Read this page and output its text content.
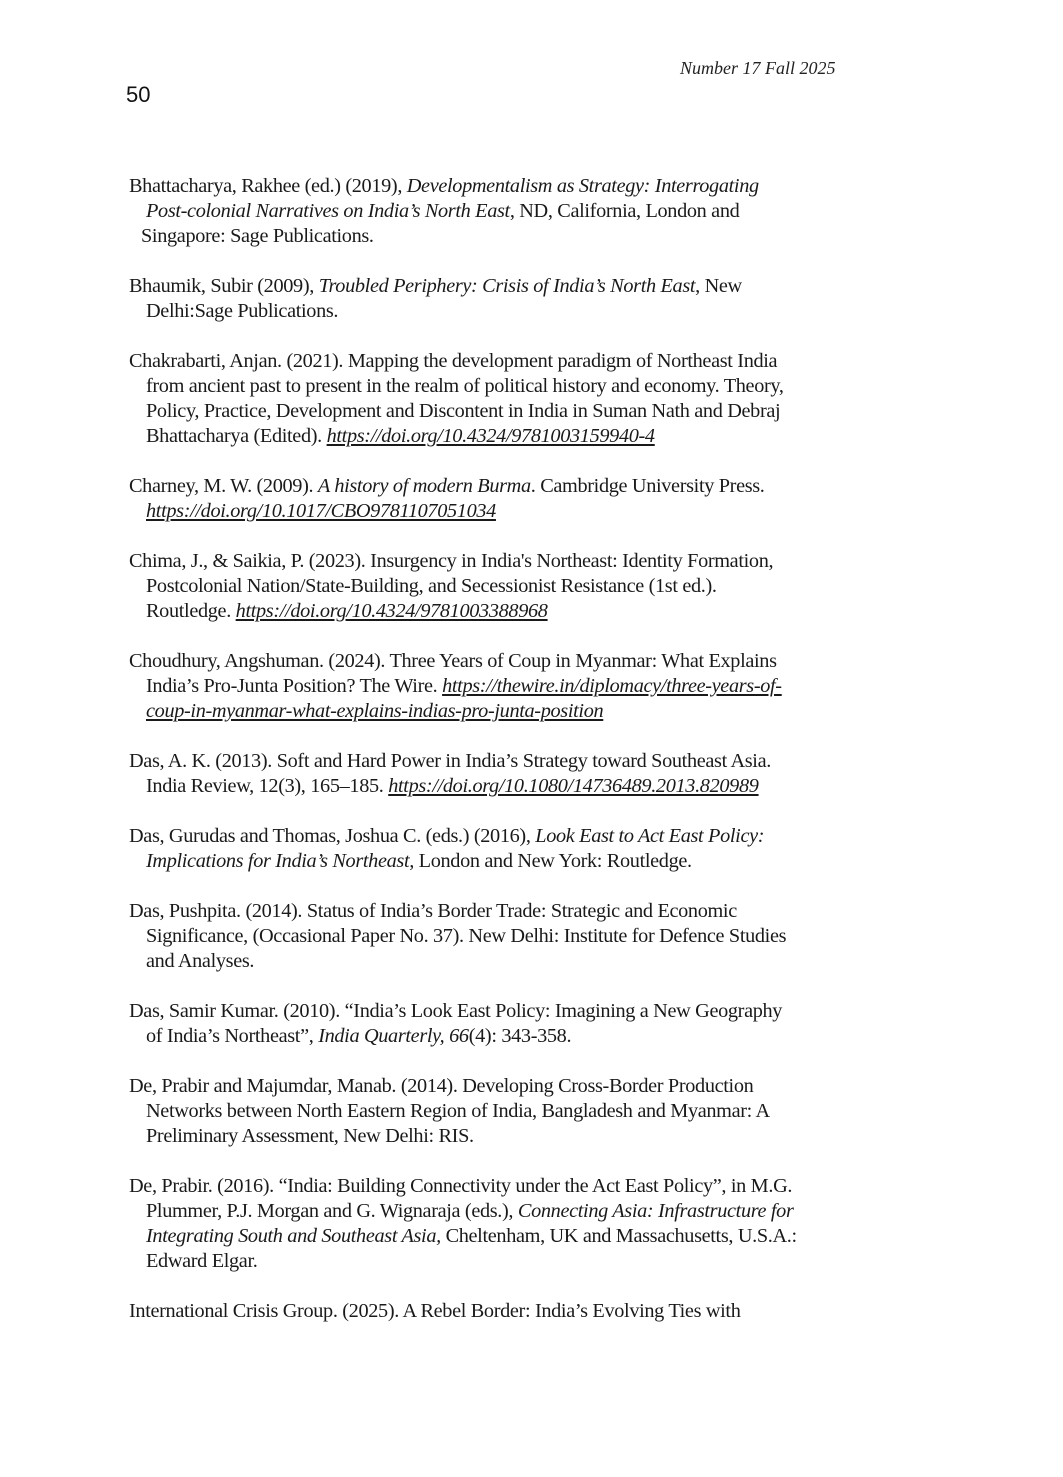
Number 17 Fall 2025
50
Bhattacharya, Rakhee (ed.) (2019), Developmentalism as Strategy: Interrogating
Post-colonial Narratives on India’s North East, ND, California, London and
Singapore: Sage Publications.
Bhaumik, Subir (2009), Troubled Periphery: Crisis of India’s North East, New
Delhi:Sage Publications.
Chakrabarti, Anjan. (2021). Mapping the development paradigm of Northeast India
from ancient past to present in the realm of political history and economy. Theory,
Policy, Practice, Development and Discontent in India in Suman Nath and Debraj
Bhattacharya (Edited). https://doi.org/10.4324/9781003159940-4
Charney, M. W. (2009). A history of modern Burma. Cambridge University Press.
https://doi.org/10.1017/CBO9781107051034
Chima, J., & Saikia, P. (2023). Insurgency in India's Northeast: Identity Formation,
Postcolonial Nation/State-Building, and Secessionist Resistance (1st ed.).
Routledge. https://doi.org/10.4324/9781003388968
Choudhury, Angshuman. (2024). Three Years of Coup in Myanmar: What Explains
India’s Pro-Junta Position? The Wire. https://thewire.in/diplomacy/three-years-of-
coup-in-myanmar-what-explains-indias-pro-junta-position
Das, A. K. (2013). Soft and Hard Power in India’s Strategy toward Southeast Asia.
India Review, 12(3), 165–185. https://doi.org/10.1080/14736489.2013.820989
Das, Gurudas and Thomas, Joshua C. (eds.) (2016), Look East to Act East Policy:
Implications for India’s Northeast, London and New York: Routledge.
Das, Pushpita. (2014). Status of India’s Border Trade: Strategic and Economic
Significance, (Occasional Paper No. 37). New Delhi: Institute for Defence Studies
and Analyses.
Das, Samir Kumar. (2010). “India’s Look East Policy: Imagining a New Geography
of India’s Northeast”, India Quarterly, 66(4): 343-358.
De, Prabir and Majumdar, Manab. (2014). Developing Cross-Border Production
Networks between North Eastern Region of India, Bangladesh and Myanmar: A
Preliminary Assessment, New Delhi: RIS.
De, Prabir. (2016). “India: Building Connectivity under the Act East Policy”, in M.G.
Plummer, P.J. Morgan and G. Wignaraja (eds.), Connecting Asia: Infrastructure for
Integrating South and Southeast Asia, Cheltenham, UK and Massachusetts, U.S.A.:
Edward Elgar.
International Crisis Group. (2025). A Rebel Border: India’s Evolving Ties with
